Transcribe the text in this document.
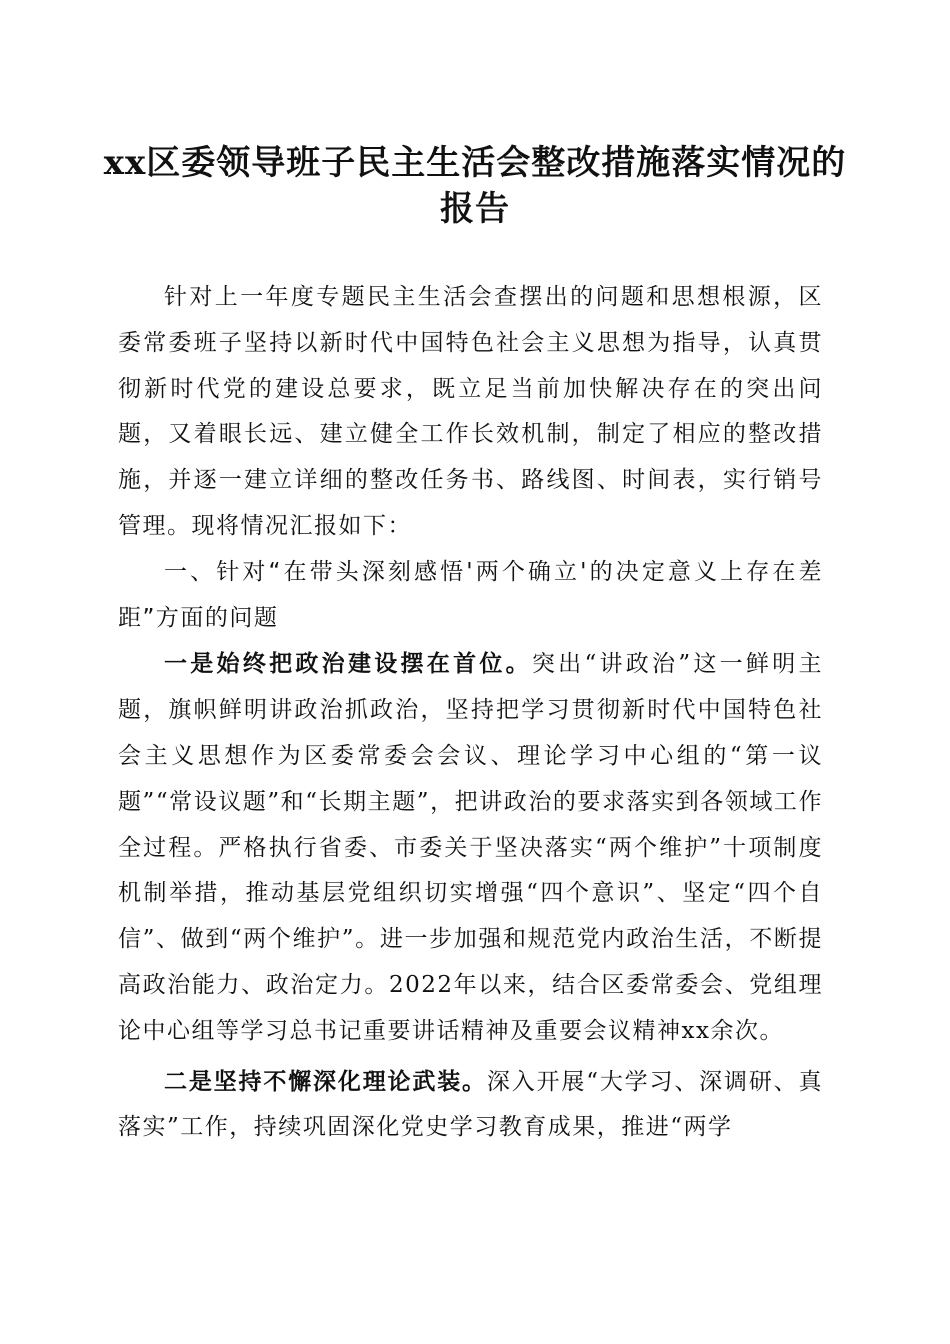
xx区委领导班子民主生活会整改措施落实情况的报告

针对上一年度专题民主生活会查摆出的问题和思想根源，区委常委班子坚持以新时代中国特色社会主义思想为指导，认真贯彻新时代党的建设总要求，既立足当前加快解决存在的突出问题，又着眼长远、建立健全工作长效机制，制定了相应的整改措施，并逐一建立详细的整改任务书、路线图、时间表，实行销号管理。现将情况汇报如下：

一、针对“在带头深刻感悟'两个确立'的决定意义上存在差距”方面的问题

一是始终把政治建设摆在首位。突出“讲政治”这一鲜明主题，旗帜鲜明讲政治抓政治，坚持把学习贯彻新时代中国特色社会主义思想作为区委常委会会议、理论学习中心组的“第一议题”“常设议题”和“长期主题”，把讲政治的要求落实到各领域工作全过程。严格执行省委、市委关于坚决落实“两个维护”十项制度机制举措，推动基层党组织切实增强“四个意识”、坚定“四个自信”、做到“两个维护”。进一步加强和规范党内政治生活，不断提高政治能力、政治定力。2022年以来，结合区委常委会、党组理论中心组等学习总书记重要讲话精神及重要会议精神xx余次。

二是坚持不懈深化理论武装。深入开展“大学习、深调研、真落实”工作，持续巩固深化党史学习教育成果，推进“两学
